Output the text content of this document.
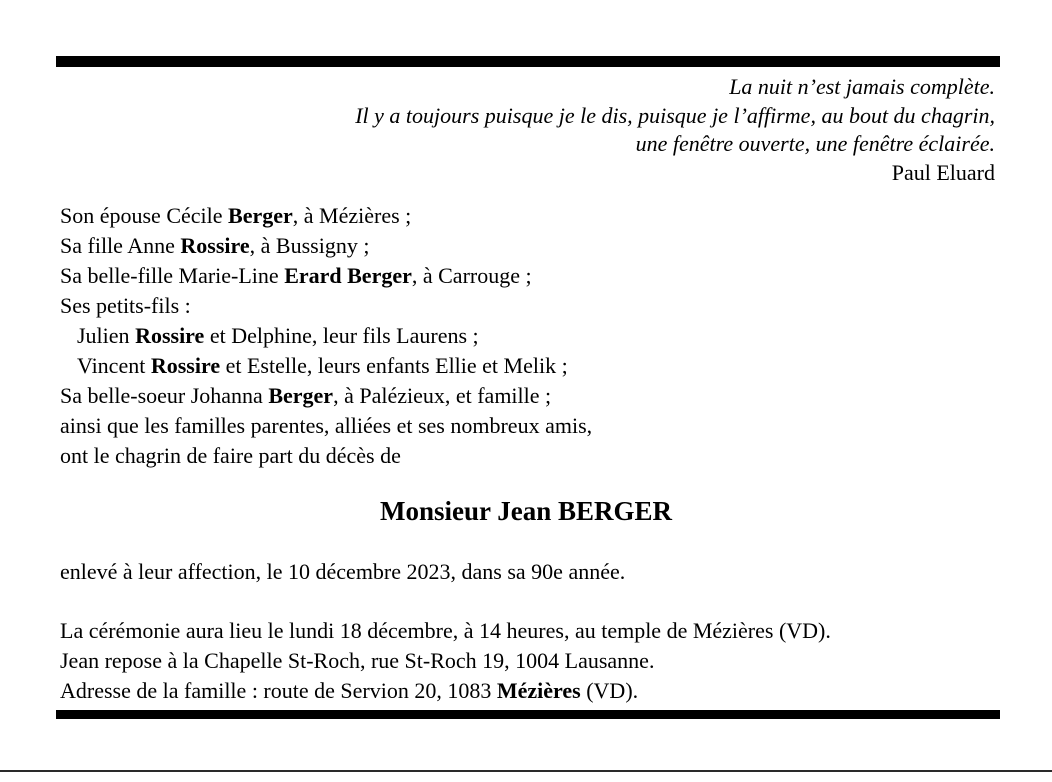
La nuit n’est jamais complète.
Il y a toujours puisque je le dis, puisque je l’affirme, au bout du chagrin,
une fenêtre ouverte, une fenêtre éclairée.
Paul Eluard
Son épouse Cécile Berger, à Mézières ;
Sa fille Anne Rossire, à Bussigny ;
Sa belle-fille Marie-Line Erard Berger, à Carrouge ;
Ses petits-fils :
Julien Rossire et Delphine, leur fils Laurens ;
Vincent Rossire et Estelle, leurs enfants Ellie et Melik ;
Sa belle-soeur Johanna Berger, à Palézieux, et famille ;
ainsi que les familles parentes, alliées et ses nombreux amis,
ont le chagrin de faire part du décès de
Monsieur Jean BERGER
enlevé à leur affection, le 10 décembre 2023, dans sa 90e année.
La cérémonie aura lieu le lundi 18 décembre, à 14 heures, au temple de Mézières (VD).
Jean repose à la Chapelle St-Roch, rue St-Roch 19, 1004 Lausanne.
Adresse de la famille : route de Servion 20, 1083 Mézières (VD).
